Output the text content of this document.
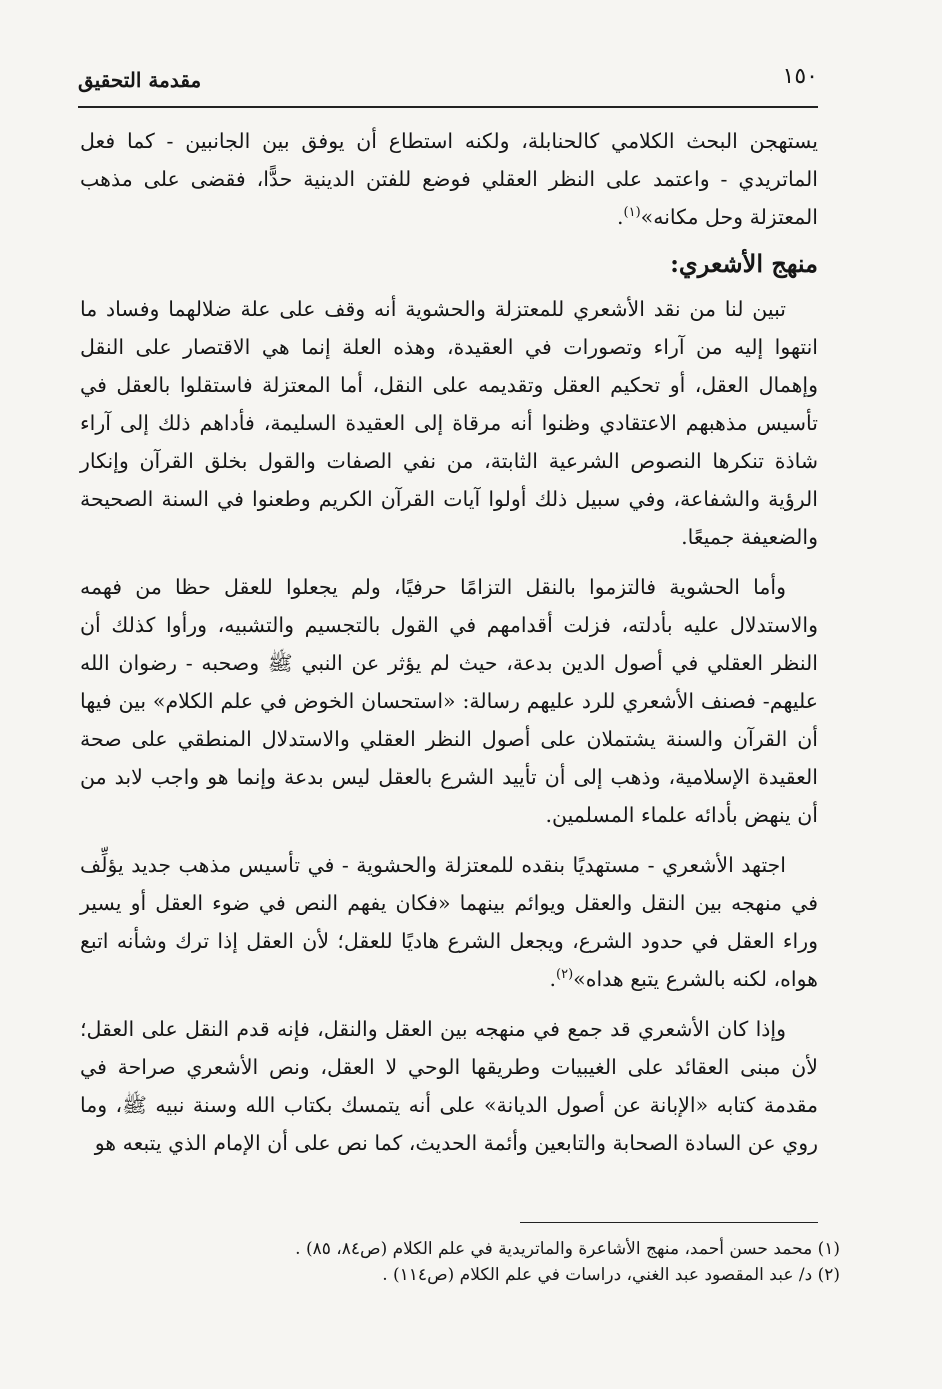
١٥٠
مقدمة التحقيق

يستهجن البحث الكلامي كالحنابلة، ولكنه استطاع أن يوفق بين الجانبين - كما فعل الماتريدي - واعتمد على النظر العقلي فوضع للفتن الدينية حدًّا، فقضى على مذهب المعتزلة وحل مكانه»$^{(١)}$.

منهج الأشعري:

تبين لنا من نقد الأشعري للمعتزلة والحشوية أنه وقف على علة ضلالهما وفساد ما انتهوا إليه من آراء وتصورات في العقيدة، وهذه العلة إنما هي الاقتصار على النقل وإهمال العقل، أو تحكيم العقل وتقديمه على النقل، أما المعتزلة فاستقلوا بالعقل في تأسيس مذهبهم الاعتقادي وظنوا أنه مرقاة إلى العقيدة السليمة، فأداهم ذلك إلى آراء شاذة تنكرها النصوص الشرعية الثابتة، من نفي الصفات والقول بخلق القرآن وإنكار الرؤية والشفاعة، وفي سبيل ذلك أولوا آيات القرآن الكريم وطعنوا في السنة الصحيحة والضعيفة جميعًا.

وأما الحشوية فالتزموا بالنقل التزامًا حرفيًا، ولم يجعلوا للعقل حظا من فهمه والاستدلال عليه بأدلته، فزلت أقدامهم في القول بالتجسيم والتشبيه، ورأوا كذلك أن النظر العقلي في أصول الدين بدعة، حيث لم يؤثر عن النبي ﷺ وصحبه - رضوان الله عليهم- فصنف الأشعري للرد عليهم رسالة: «استحسان الخوض في علم الكلام» بين فيها أن القرآن والسنة يشتملان على أصول النظر العقلي والاستدلال المنطقي على صحة العقيدة الإسلامية، وذهب إلى أن تأييد الشرع بالعقل ليس بدعة وإنما هو واجب لابد من أن ينهض بأدائه علماء المسلمين.

اجتهد الأشعري - مستهديًا بنقده للمعتزلة والحشوية - في تأسيس مذهب جديد يؤلِّف في منهجه بين النقل والعقل ويوائم بينهما «فكان يفهم النص في ضوء العقل أو يسير وراء العقل في حدود الشرع، ويجعل الشرع هاديًا للعقل؛ لأن العقل إذا ترك وشأنه اتبع هواه، لكنه بالشرع يتبع هداه»$^{(٢)}$.

وإذا كان الأشعري قد جمع في منهجه بين العقل والنقل، فإنه قدم النقل على العقل؛ لأن مبنى العقائد على الغيبيات وطريقها الوحي لا العقل، ونص الأشعري صراحة في مقدمة كتابه «الإبانة عن أصول الديانة» على أنه يتمسك بكتاب الله وسنة نبيه ﷺ، وما روي عن السادة الصحابة والتابعين وأئمة الحديث، كما نص على أن الإمام الذي يتبعه هو

(١) محمد حسن أحمد، منهج الأشاعرة والماتريدية في علم الكلام (ص٨٤، ٨٥) .

(٢) د/ عبد المقصود عبد الغني، دراسات في علم الكلام (ص١١٤) .
